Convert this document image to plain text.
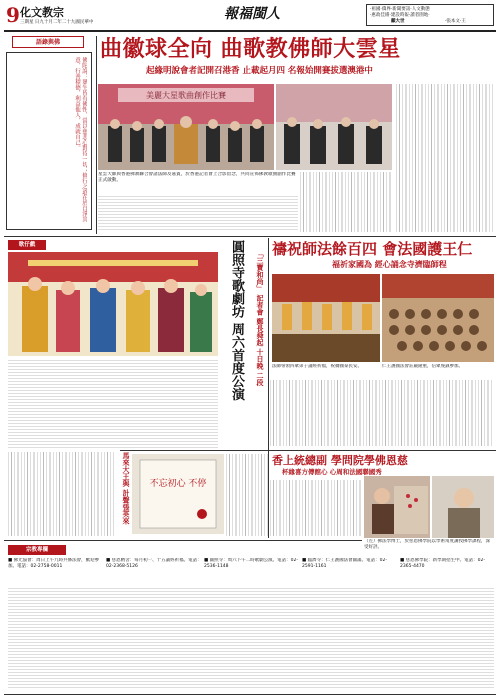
9 化文教宗
三期星 日九十月二年二十九國民華中
報福閩人	‧祖國‧僑界‧新聞要訊‧人文動態
‧惠政佳績‧建設時報‧讀者園地‧
顧大世	‧張本文‧王
語錄與佛
佛陀說：眾生皆有佛性，當以慈悲心對待一切；修行之道在於自淨其意，行善積德，利益他人，成就自己。
曲徽球全向 曲歌教佛師大雲星
起緣明說會者記開召港香 止載起月四 名報始開賽拔選澳港中
美麗大星歌曲創作比賽
星雲大師與香港佛教聯合會諸法師及嘉賓，於香港記者會上合影留念，共同宣佈佛教歌曲創作比賽正式啟動。
歌仔戲	圓照寺歌劇坊 周六首度公演 「三寶和尚」 記者會 鄭長舜起 十日晚 二段
禱祝師法餘百四 會法國護王仁
福祈家國為 經心誦念寺濟臨師程
法師帶領四眾弟子誦經祈福，祝禱國泰民安。	仁王護國法會莊嚴隆重，信眾虔誠參加。
馬來大王與 計聲張英來 不忘初心 不停
香上統總副 學問院學佛恩慈
杯緣喜方傳館心 心周和法國聯國秀
（左）佛法學博士，於慈恩佛學院以學術角度講授佛學課程，深受好評。
宗教專欄
■ 佛光協會：周日上午九時共修法會，歡迎參加。電話：02-2758-0011
■ 慈恩精舍：每月初一、十五誦經祈福。電話：02-2368-5126
■ 圓照寺：周六下午二時歌劇公演。電話：02-2536-1148
■ 臨濟寺：仁王護國法會圓滿。電話：02-2591-1161
■ 慈恩佛學院：新學期招生中。電話：02-2365-4470
